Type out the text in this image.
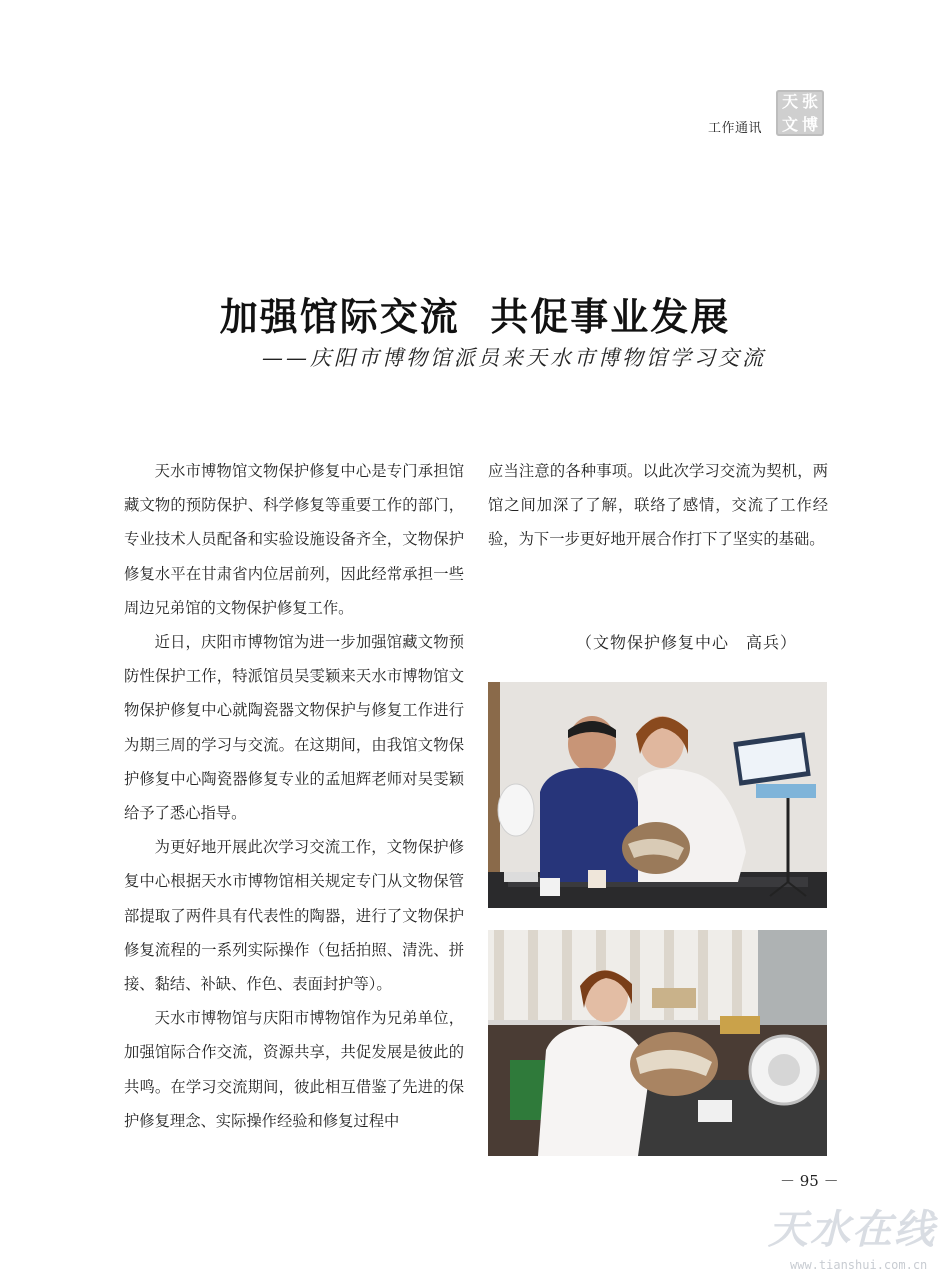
工作通讯
天 张
文 博
加强馆际交流  共促事业发展
——庆阳市博物馆派员来天水市博物馆学习交流

天水市博物馆文物保护修复中心是专门承担馆藏文物的预防保护、科学修复等重要工作的部门，专业技术人员配备和实验设施设备齐全，文物保护修复水平在甘肃省内位居前列，因此经常承担一些周边兄弟馆的文物保护修复工作。

近日，庆阳市博物馆为进一步加强馆藏文物预防性保护工作，特派馆员吴雯颖来天水市博物馆文物保护修复中心就陶瓷器文物保护与修复工作进行为期三周的学习与交流。在这期间，由我馆文物保护修复中心陶瓷器修复专业的孟旭辉老师对吴雯颖给予了悉心指导。

为更好地开展此次学习交流工作，文物保护修复中心根据天水市博物馆相关规定专门从文物保管部提取了两件具有代表性的陶器，进行了文物保护修复流程的一系列实际操作（包括拍照、清洗、拼接、黏结、补缺、作色、表面封护等）。

天水市博物馆与庆阳市博物馆作为兄弟单位，加强馆际合作交流，资源共享，共促发展是彼此的共鸣。在学习交流期间，彼此相互借鉴了先进的保护修复理念、实际操作经验和修复过程中

应当注意的各种事项。以此次学习交流为契机，两馆之间加深了了解，联络了感情，交流了工作经验，为下一步更好地开展合作打下了坚实的基础。

（文物保护修复中心　高兵）
－ 95 －
天水在线
www.tianshui.com.cn
